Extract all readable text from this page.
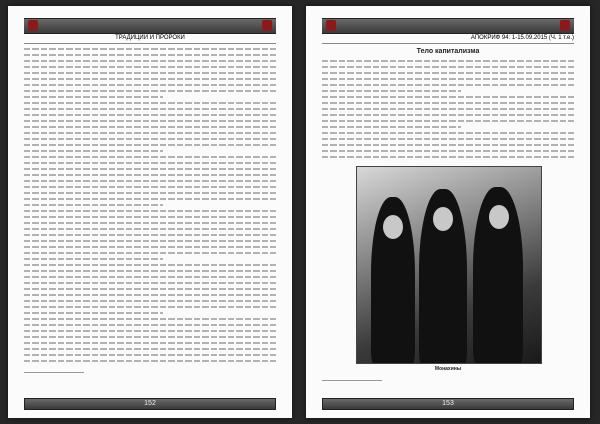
ТРАДИЦИИ И ПРОРОКИ
152
АПОКРИФ 94: 1-15.09.2015 (Ч. 1 т.е.)
Тело капитализма
Монахины
153
